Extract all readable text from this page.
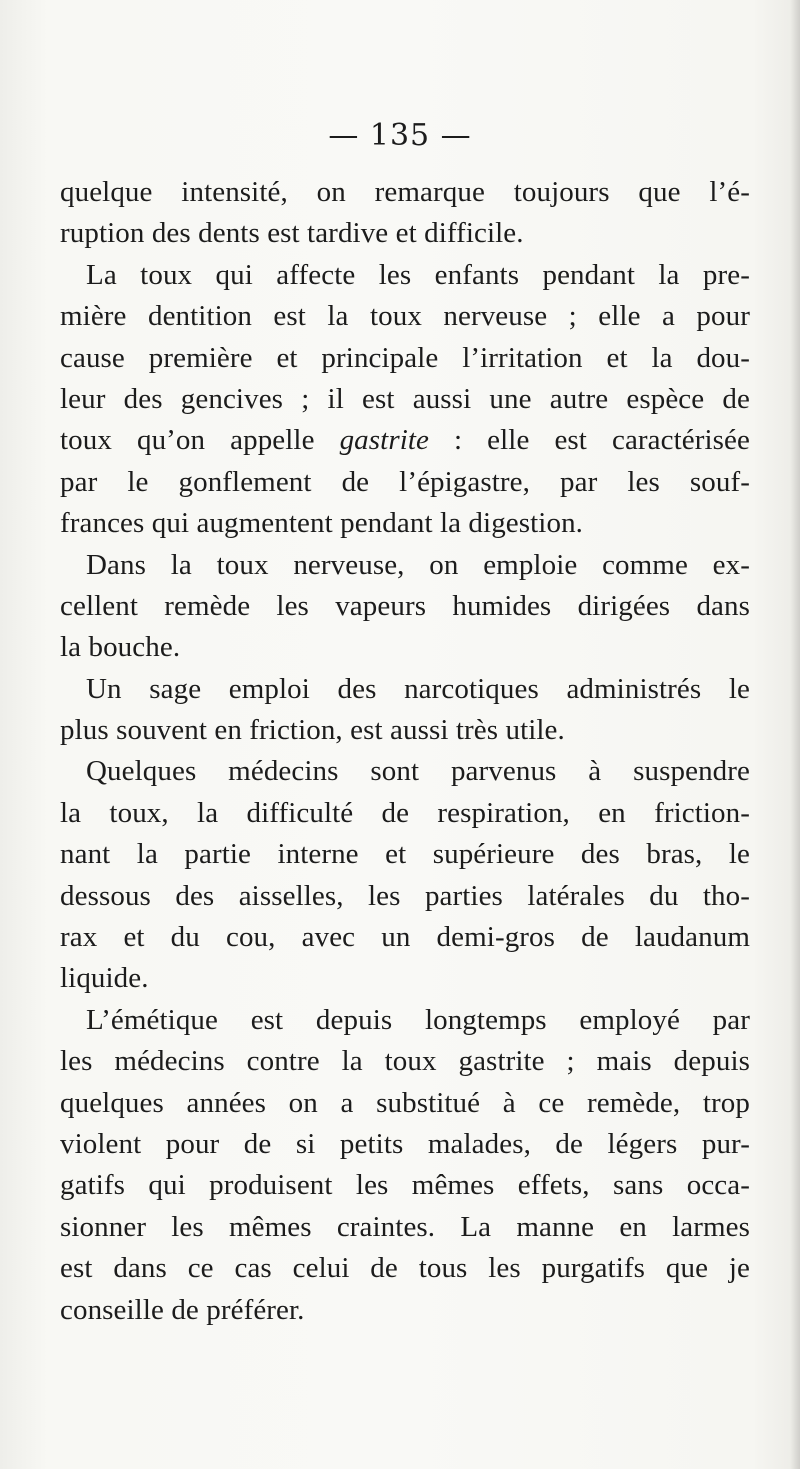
— 135 —

quelque intensité, on remarque toujours que l’é-
ruption des dents est tardive et difficile.

La toux qui affecte les enfants pendant la pre-
mière dentition est la toux nerveuse ; elle a pour
cause première et principale l’irritation et la dou-
leur des gencives ; il est aussi une autre espèce de
toux qu’on appelle gastrite : elle est caractérisée
par le gonflement de l’épigastre, par les souf-
frances qui augmentent pendant la digestion.

Dans la toux nerveuse, on emploie comme ex-
cellent remède les vapeurs humides dirigées dans
la bouche.

Un sage emploi des narcotiques administrés le
plus souvent en friction, est aussi très utile.

Quelques médecins sont parvenus à suspendre
la toux, la difficulté de respiration, en friction-
nant la partie interne et supérieure des bras, le
dessous des aisselles, les parties latérales du tho-
rax et du cou, avec un demi-gros de laudanum
liquide.

L’émétique est depuis longtemps employé par
les médecins contre la toux gastrite ; mais depuis
quelques années on a substitué à ce remède, trop
violent pour de si petits malades, de légers pur-
gatifs qui produisent les mêmes effets, sans occa-
sionner les mêmes craintes. La manne en larmes
est dans ce cas celui de tous les purgatifs que je
conseille de préférer.
